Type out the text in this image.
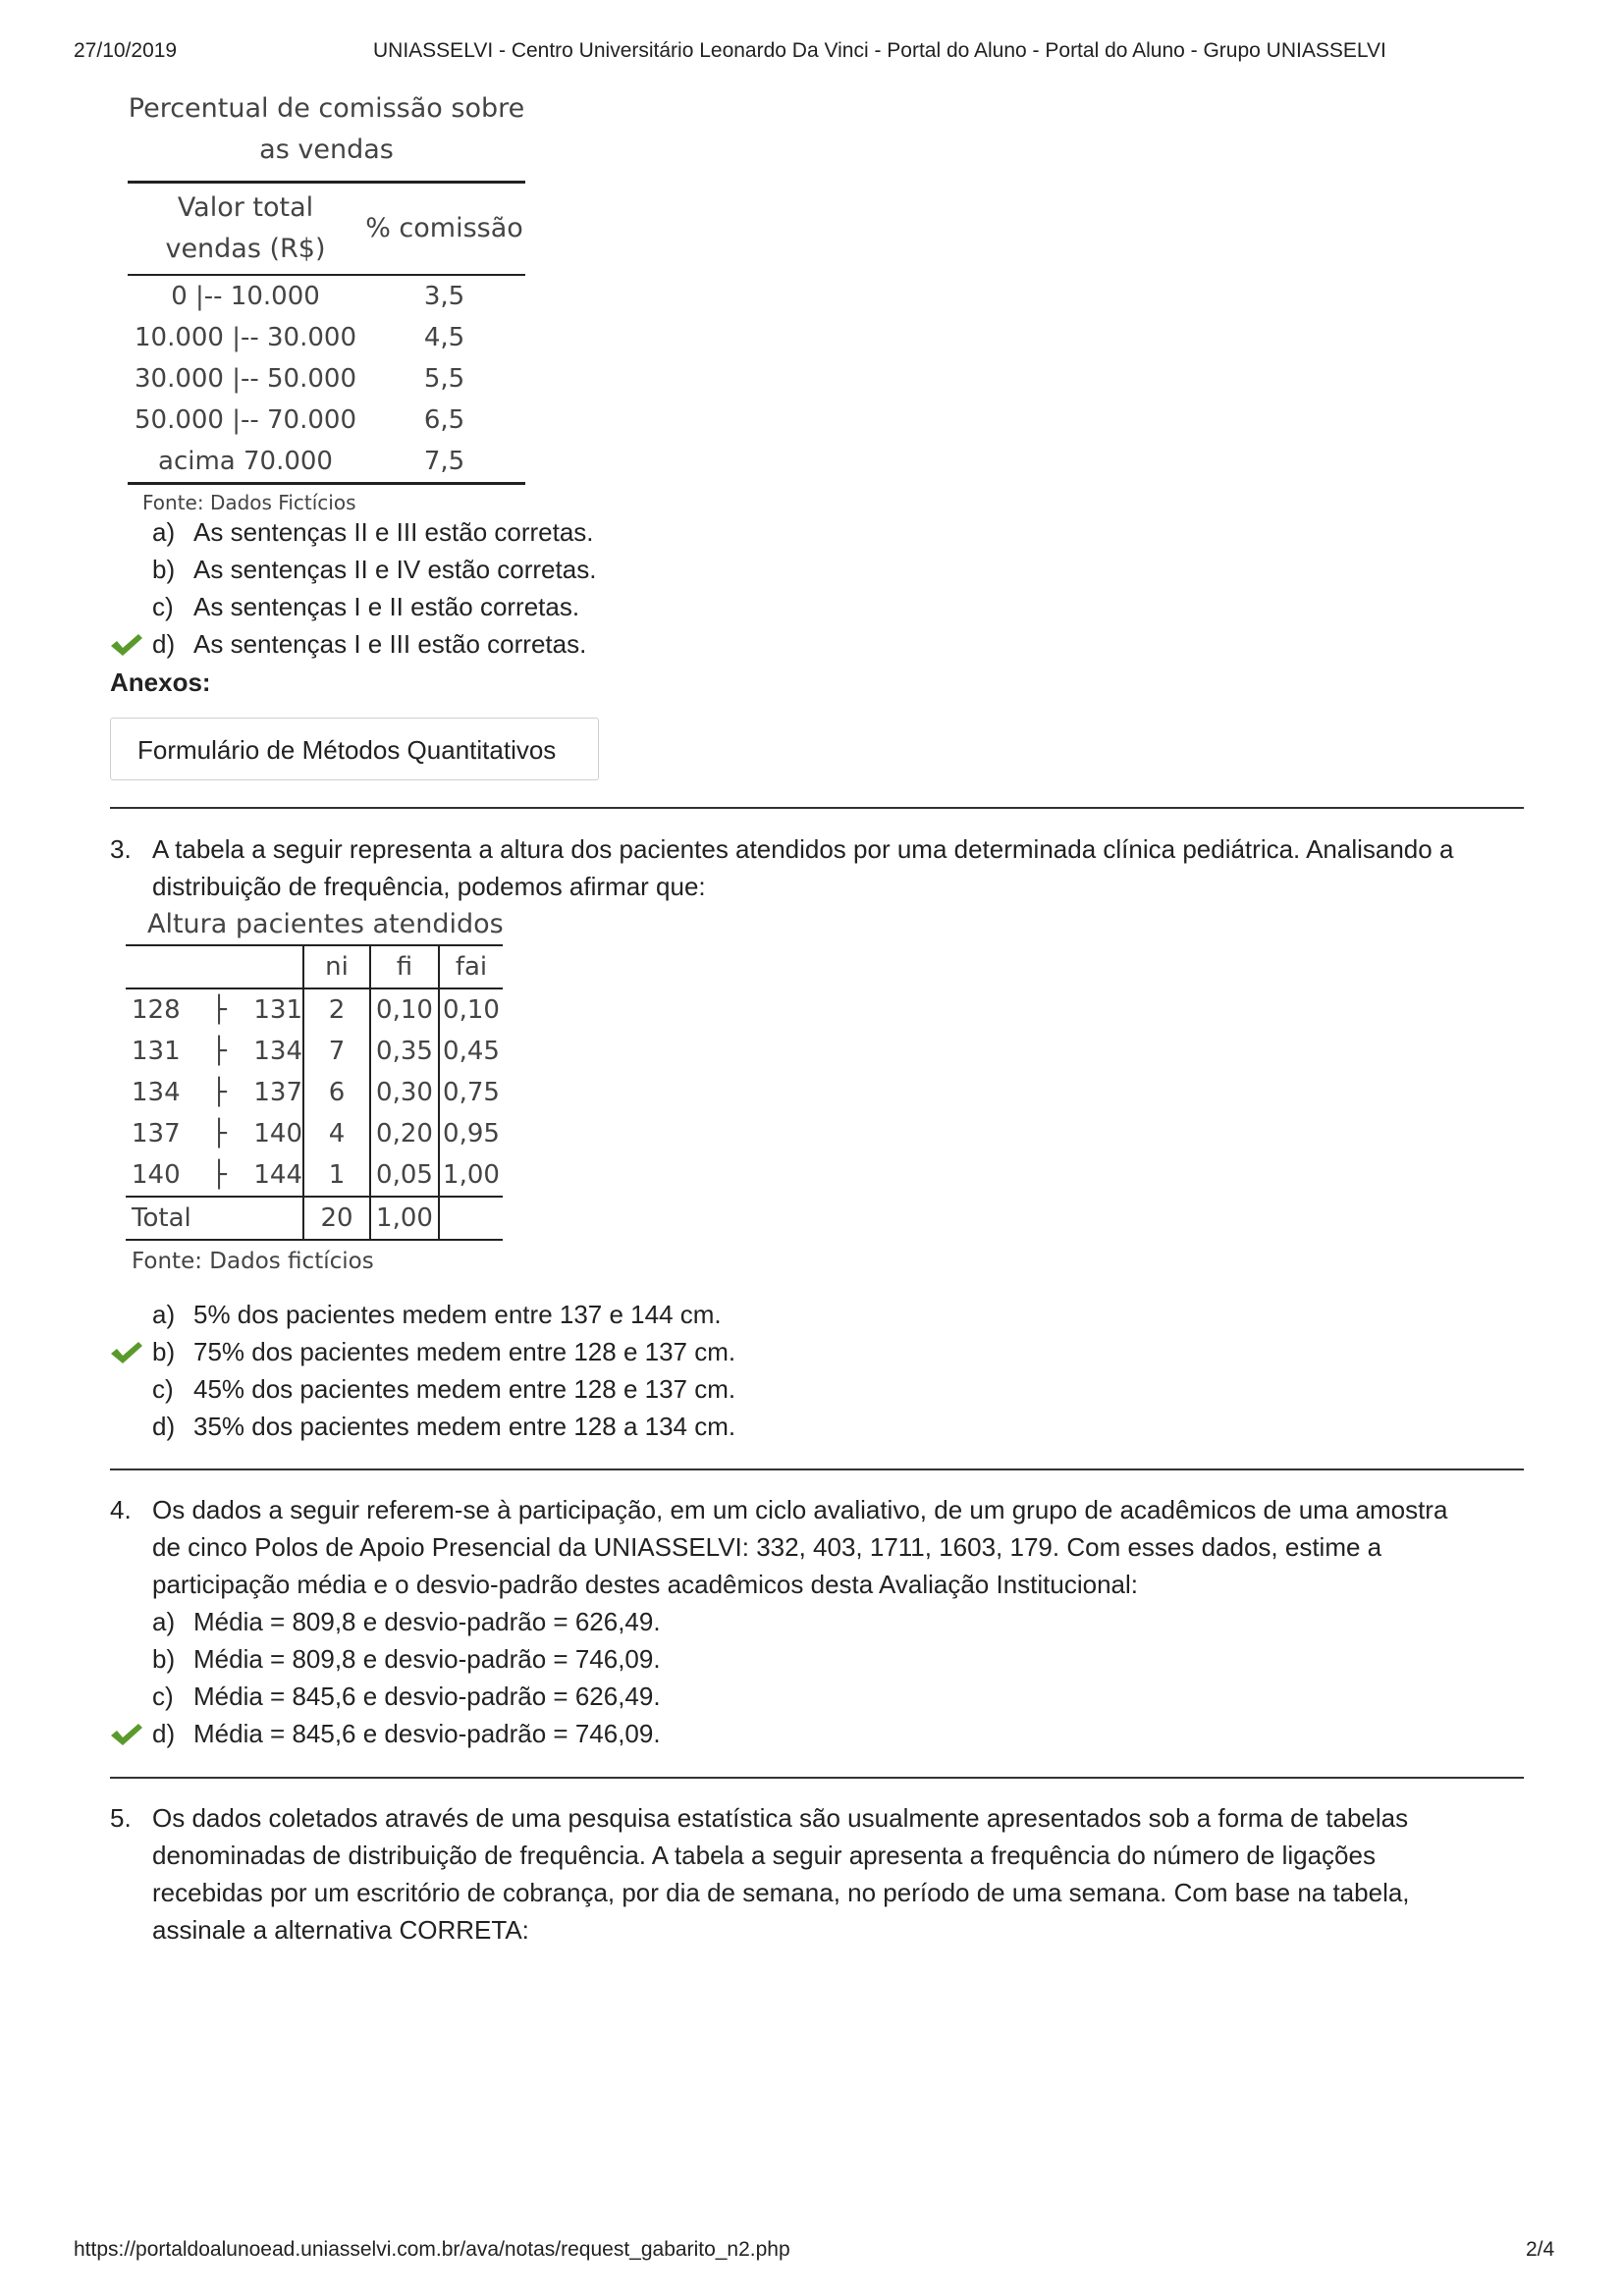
27/10/2019	UNIASSELVI - Centro Universitário Leonardo Da Vinci - Portal do Aluno - Portal do Aluno - Grupo UNIASSELVI
Percentual de comissão sobre
as vendas
Valor total
vendas (R$)	% comissão
0 |-- 10.000	3,5
10.000 |-- 30.000	4,5
30.000 |-- 50.000	5,5
50.000 |-- 70.000	6,5
acima 70.000	7,5
Fonte: Dados Fictícios
a) As sentenças II e III estão corretas.
b) As sentenças II e IV estão corretas.
c) As sentenças I e II estão corretas.
d) As sentenças I e III estão corretas.
Anexos:
Formulário de Métodos Quantitativos
3. A tabela a seguir representa a altura dos pacientes atendidos por uma determinada clínica pediátrica. Analisando a
distribuição de frequência, podemos afirmar que:
Altura pacientes atendidos
			ni	fi	fai
128	├	131	2	0,10	0,10
131	├	134	7	0,35	0,45
134	├	137	6	0,30	0,75
137	├	140	4	0,20	0,95
140	├	144	1	0,05	1,00
Total			20	1,00	
Fonte: Dados fictícios
a) 5% dos pacientes medem entre 137 e 144 cm.
b) 75% dos pacientes medem entre 128 e 137 cm.
c) 45% dos pacientes medem entre 128 e 137 cm.
d) 35% dos pacientes medem entre 128 a 134 cm.
4. Os dados a seguir referem-se à participação, em um ciclo avaliativo, de um grupo de acadêmicos de uma amostra
de cinco Polos de Apoio Presencial da UNIASSELVI: 332, 403, 1711, 1603, 179. Com esses dados, estime a
participação média e o desvio-padrão destes acadêmicos desta Avaliação Institucional:
a) Média = 809,8 e desvio-padrão = 626,49.
b) Média = 809,8 e desvio-padrão = 746,09.
c) Média = 845,6 e desvio-padrão = 626,49.
d) Média = 845,6 e desvio-padrão = 746,09.
5. Os dados coletados através de uma pesquisa estatística são usualmente apresentados sob a forma de tabelas
denominadas de distribuição de frequência. A tabela a seguir apresenta a frequência do número de ligações
recebidas por um escritório de cobrança, por dia de semana, no período de uma semana. Com base na tabela,
assinale a alternativa CORRETA:
https://portaldoalunoead.uniasselvi.com.br/ava/notas/request_gabarito_n2.php	2/4
